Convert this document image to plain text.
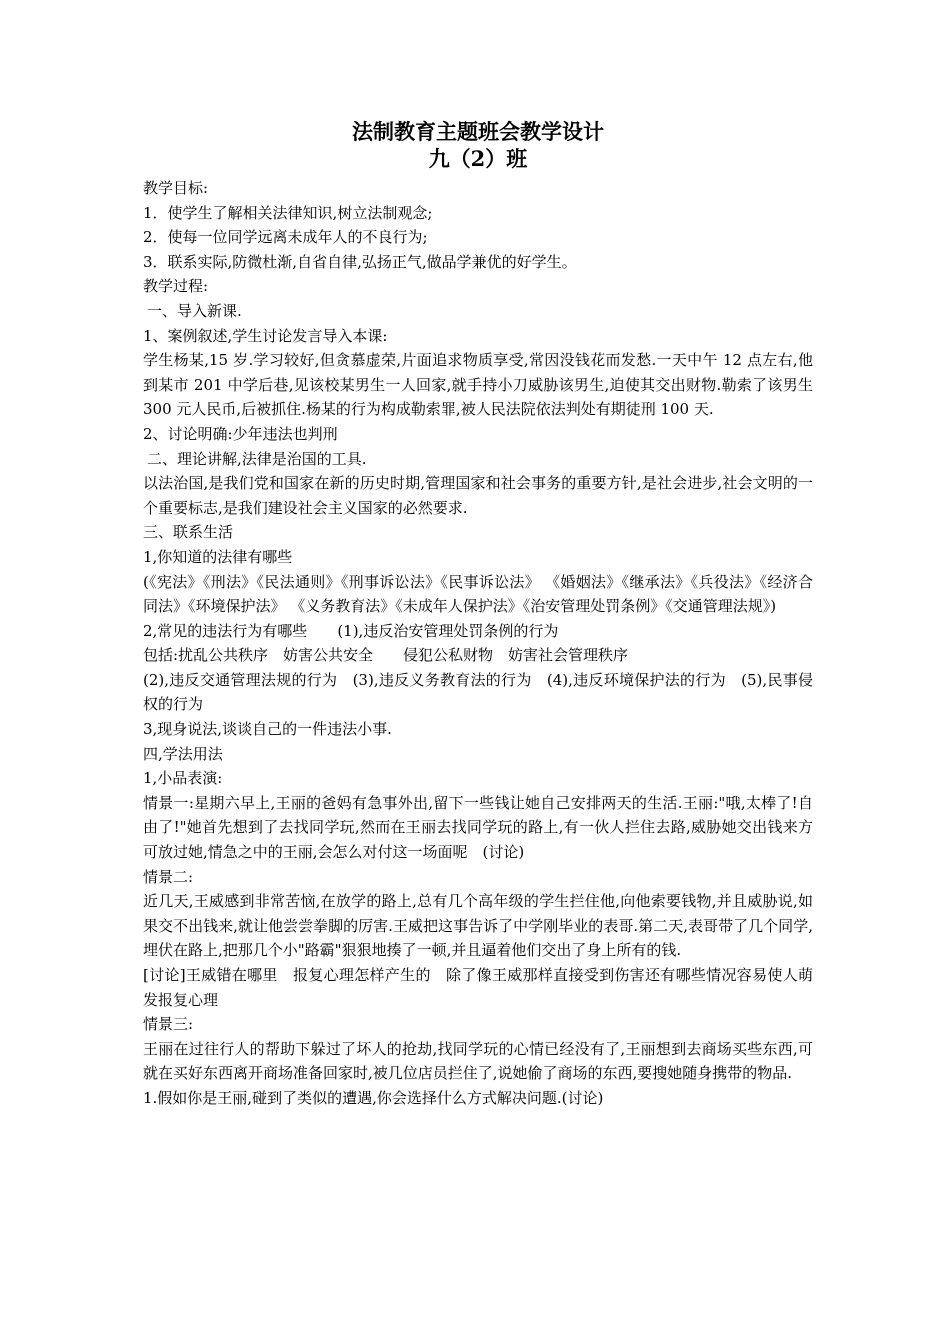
法制教育主题班会教学设计

九（2）班

教学目标:

1．使学生了解相关法律知识,树立法制观念;

2．使每一位同学远离未成年人的不良行为;

3．联系实际,防微杜渐,自省自律,弘扬正气,做品学兼优的好学生。

教学过程:

一、导入新课.

1、案例叙述,学生讨论发言导入本课:

学生杨某,15 岁.学习较好,但贪慕虚荣,片面追求物质享受,常因没钱花而发愁.一天中午 12 点左右,他到某市 201 中学后巷,见该校某男生一人回家,就手持小刀威胁该男生,迫使其交出财物.勒索了该男生 300 元人民币,后被抓住.杨某的行为构成勒索罪,被人民法院依法判处有期徒刑 100 天.

2、讨论明确:少年违法也判刑

二、理论讲解,法律是治国的工具.

以法治国,是我们党和国家在新的历史时期,管理国家和社会事务的重要方针,是社会进步,社会文明的一个重要标志,是我们建设社会主义国家的必然要求.

三、联系生活

1,你知道的法律有哪些

(《宪法》《刑法》《民法通则》《刑事诉讼法》《民事诉讼法》 《婚姻法》《继承法》《兵役法》《经济合同法》《环境保护法》 《义务教育法》《未成年人保护法》《治安管理处罚条例》《交通管理法规》)

2,常见的违法行为有哪些　　(1),违反治安管理处罚条例的行为

包括:扰乱公共秩序　妨害公共安全　　侵犯公私财物　妨害社会管理秩序

(2),违反交通管理法规的行为　(3),违反义务教育法的行为　(4),违反环境保护法的行为　(5),民事侵权的行为

3,现身说法,谈谈自己的一件违法小事.

四,学法用法

1,小品表演:

情景一:星期六早上,王丽的爸妈有急事外出,留下一些钱让她自己安排两天的生活.王丽:"哦,太棒了!自由了!"她首先想到了去找同学玩,然而在王丽去找同学玩的路上,有一伙人拦住去路,威胁她交出钱来方可放过她,情急之中的王丽,会怎么对付这一场面呢　(讨论)

情景二:

近几天,王威感到非常苦恼,在放学的路上,总有几个高年级的学生拦住他,向他索要钱物,并且威胁说,如果交不出钱来,就让他尝尝拳脚的厉害.王威把这事告诉了中学刚毕业的表哥.第二天,表哥带了几个同学,埋伏在路上,把那几个小"路霸"狠狠地揍了一顿,并且逼着他们交出了身上所有的钱.

[讨论]王威错在哪里　报复心理怎样产生的　除了像王威那样直接受到伤害还有哪些情况容易使人萌发报复心理

情景三:

王丽在过往行人的帮助下躲过了坏人的抢劫,找同学玩的心情已经没有了,王丽想到去商场买些东西,可就在买好东西离开商场准备回家时,被几位店员拦住了,说她偷了商场的东西,要搜她随身携带的物品.

1.假如你是王丽,碰到了类似的遭遇,你会选择什么方式解决问题.(讨论)
